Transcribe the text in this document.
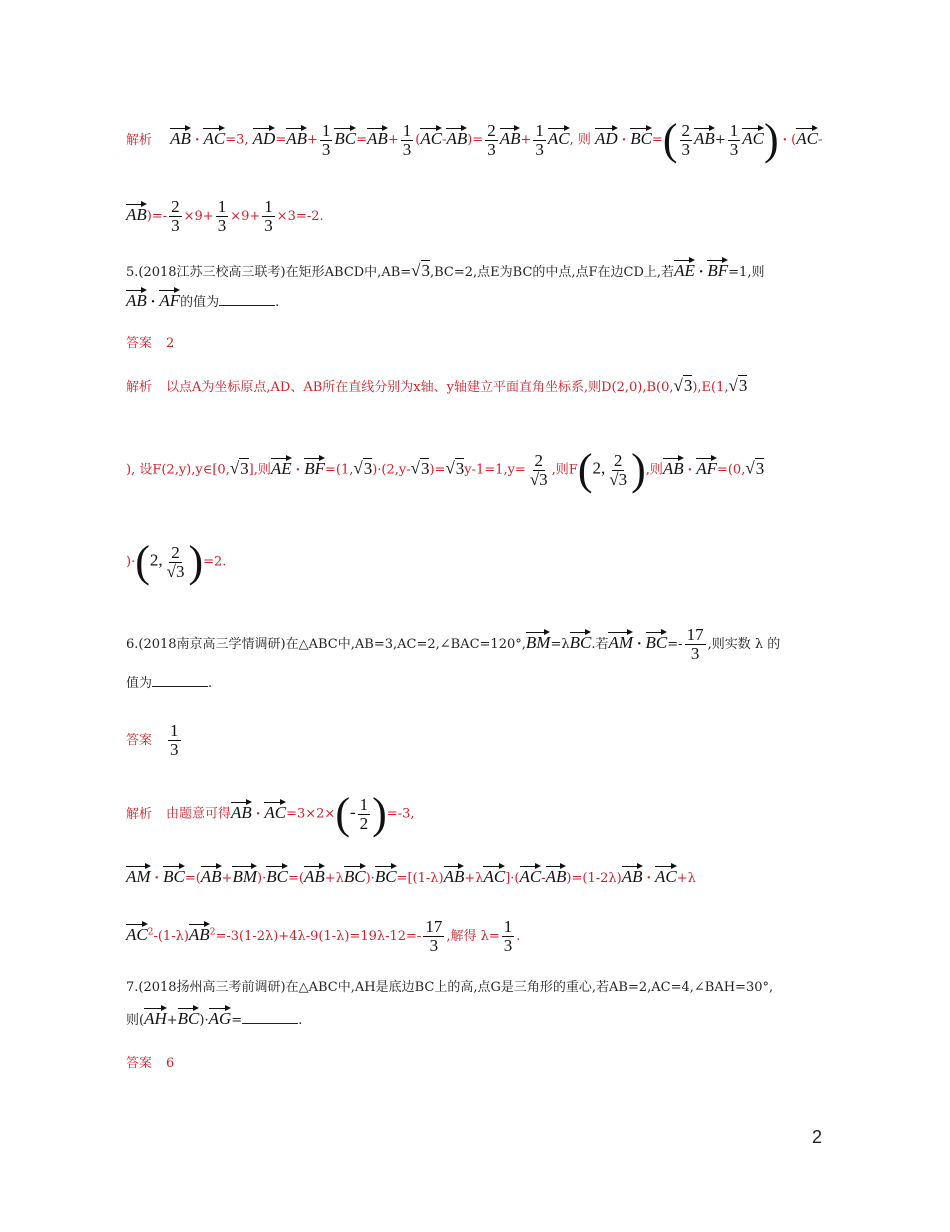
解析 AB · AC=3, $AD=AB+ \frac{1}{3} BC=AB+ \frac{1}{3} (AC-AB)= \frac{2}{3} AB+ \frac{1}{3}$ AC, 则 AD · $BC=( \frac{2}{3} AB+ \frac{1}{3} AC) \cdot (AC-$
$AB)=- \frac{2}{3} \times 9+ \frac{1}{3} \times 9+ \frac{1}{3} \times 3=-2$.
5.(2018江苏三校高三联考)在矩形ABCD中,AB=√3,BC=2,点E为BC的中点,点F在边CD上,若AE · BF=1,则
AB · AF的值为	.
答案 2
解析 以点A为坐标原点,AD、AB所在直线分别为x轴、y轴建立平面直角坐标系,则D(2,0),B(0,√3),E(1,√3
), 设F(2,y),y∈[0,√3],则AE · $BF=(1,√3)\cdot(2,y-√3)=√3y-1=1,y= \frac{2}{√3}$ ,则F(2, $\frac{2}{√3}$ ),则AB · AF=(0,√3
)·(2, $\frac{2}{√3} )=2$.
6.(2018南京高三学情调研)在△ABC中,AB=3,AC=2,∠BAC=120°,BM=λBC.若AM · $BC=- \frac{17}{3}$ ,则实数 λ 的
值为	.
答案 $\frac{1}{3}$
解析 由题意可得AB · $AC=3\times 2\times(- \frac{1}{2} )=-3$,
AM · BC=(AB+BM)·BC=(AB+λBC)·BC=[(1-λ)AB+λAC]·(AC-AB)=(1-2λ)AB · AC+λ
$AC^2-(1-\lambda)AB^2=-3(1-2\lambda)+4\lambda-9(1-\lambda)=19\lambda-12=- \frac{17}{3}$ ,解得 $\lambda= \frac{1}{3}$ .
7.(2018扬州高三考前调研)在△ABC中,AH是底边BC上的高,点G是三角形的重心,若AB=2,AC=4,∠BAH=30°,
则(AH+BC)·AG=	.
答案 6
2
